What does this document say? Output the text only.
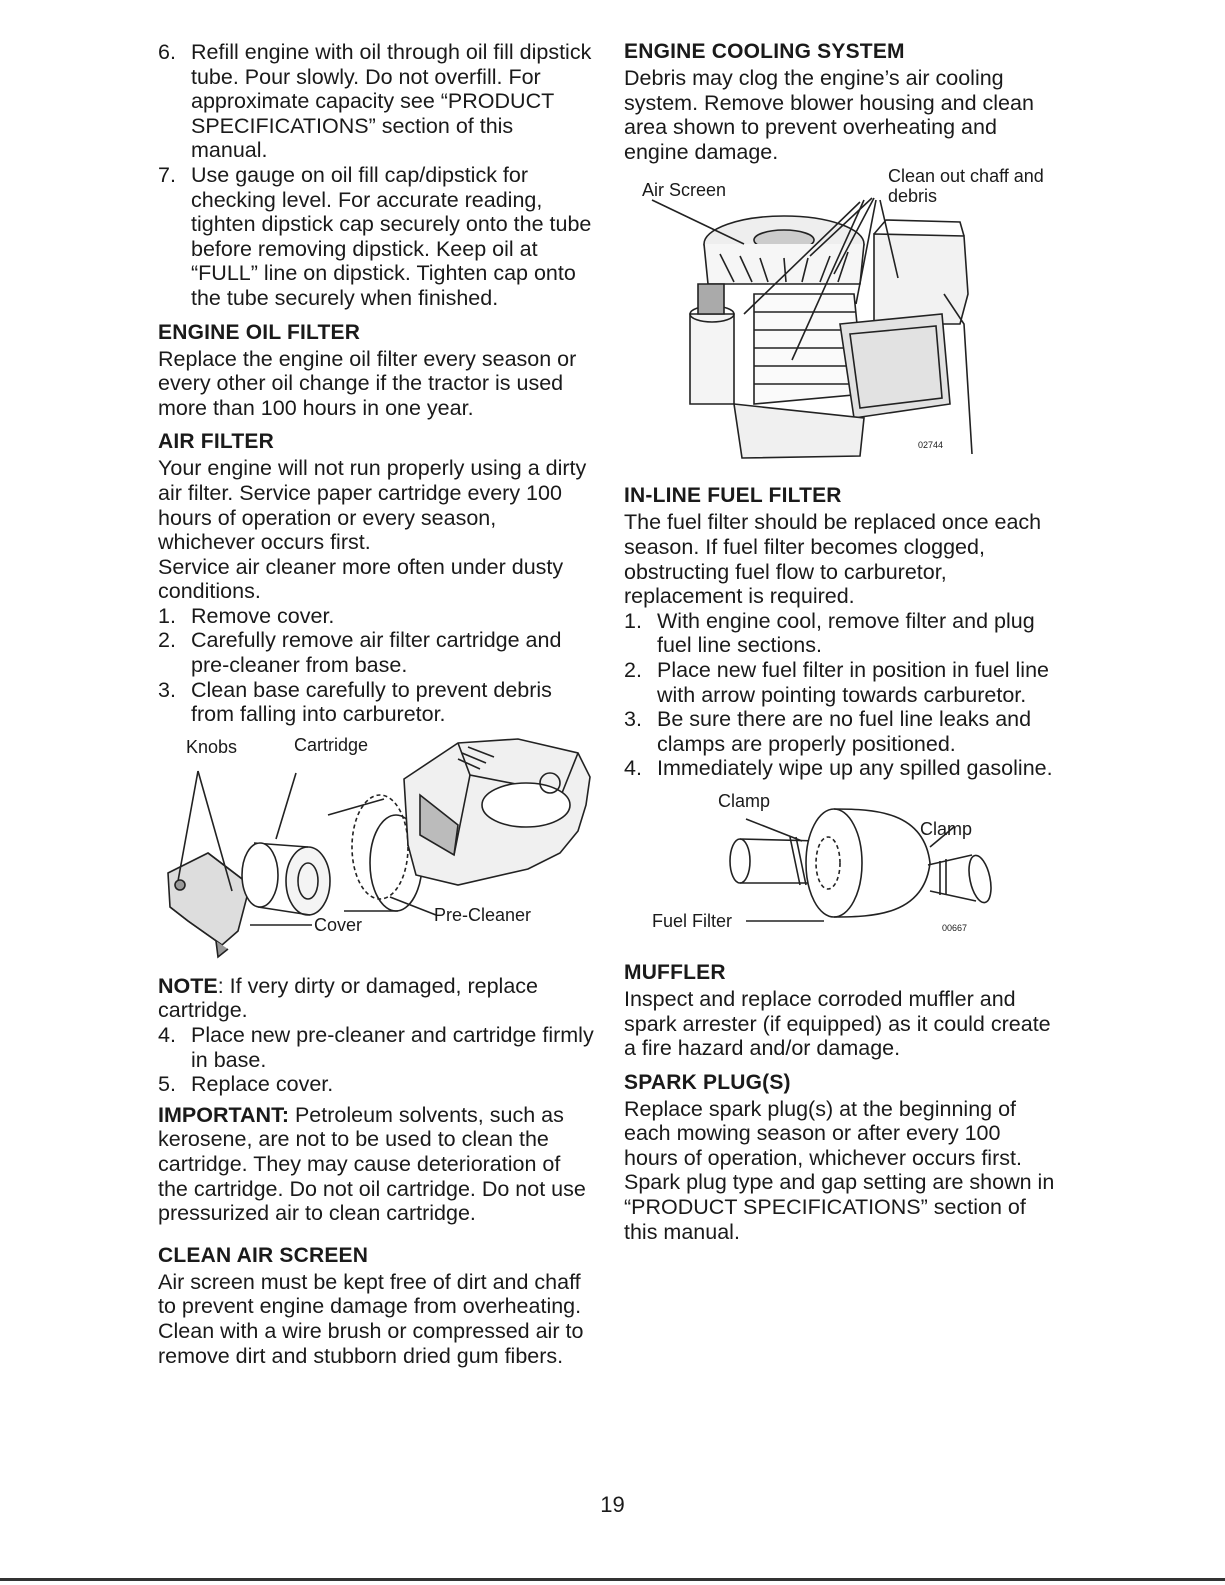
6. Refill engine with oil through oil fill dipstick tube. Pour slowly. Do not overfill. For approximate capacity see “PRODUCT SPECIFICATIONS” section of this manual.
7. Use gauge on oil fill cap/dipstick for checking level. For accurate reading, tighten dipstick cap securely onto the tube before removing dipstick. Keep oil at “FULL” line on dipstick. Tighten cap onto the tube securely when finished.
ENGINE OIL FILTER

Replace the engine oil filter every season or every other oil change if the tractor is used more than 100 hours in one year.

AIR FILTER

Your engine will not run properly using a dirty air filter. Service paper cartridge every 100 hours of operation or every season, whichever occurs first.

Service air cleaner more often under dusty conditions.

1. Remove cover.
2. Carefully remove air filter cartridge and pre-cleaner from base.
3. Clean base carefully to prevent debris from falling into carburetor.
Knobs	Cartridge
Pre-Cleaner
Cover

NOTE: If very dirty or damaged, replace cartridge.

4. Place new pre-cleaner and cartridge firmly in base.
5. Replace cover.

IMPORTANT: Petroleum solvents, such as kerosene, are not to be used to clean the cartridge. They may cause deterioration of the cartridge. Do not oil cartridge. Do not use pressurized air to clean cartridge.

CLEAN AIR SCREEN

Air screen must be kept free of dirt and chaff to prevent engine damage from overheating. Clean with a wire brush or compressed air to remove dirt and stubborn dried gum fibers.

ENGINE COOLING SYSTEM

Debris may clog the engine’s air cooling system. Remove blower housing and clean area shown to prevent overheating and engine damage.

Air Screen
Clean out chaff and debris
02744
IN-LINE FUEL FILTER

The fuel filter should be replaced once each season. If fuel filter becomes clogged, obstructing fuel flow to carburetor, replacement is required.

1. With engine cool, remove filter and plug fuel line sections.
2. Place new fuel filter in position in fuel line with arrow pointing towards carburetor.
3. Be sure there are no fuel line leaks and clamps are properly positioned.
4. Immediately wipe up any spilled gasoline.
Clamp
Clamp
Fuel Filter	00667
MUFFLER

Inspect and replace corroded muffler and spark arrester (if equipped) as it could create a fire hazard and/or damage.

SPARK PLUG(S)

Replace spark plug(s) at the beginning of each mowing season or after every 100 hours of operation, whichever occurs first. Spark plug type and gap setting are shown in “PRODUCT SPECIFICATIONS” section of this manual.

19
